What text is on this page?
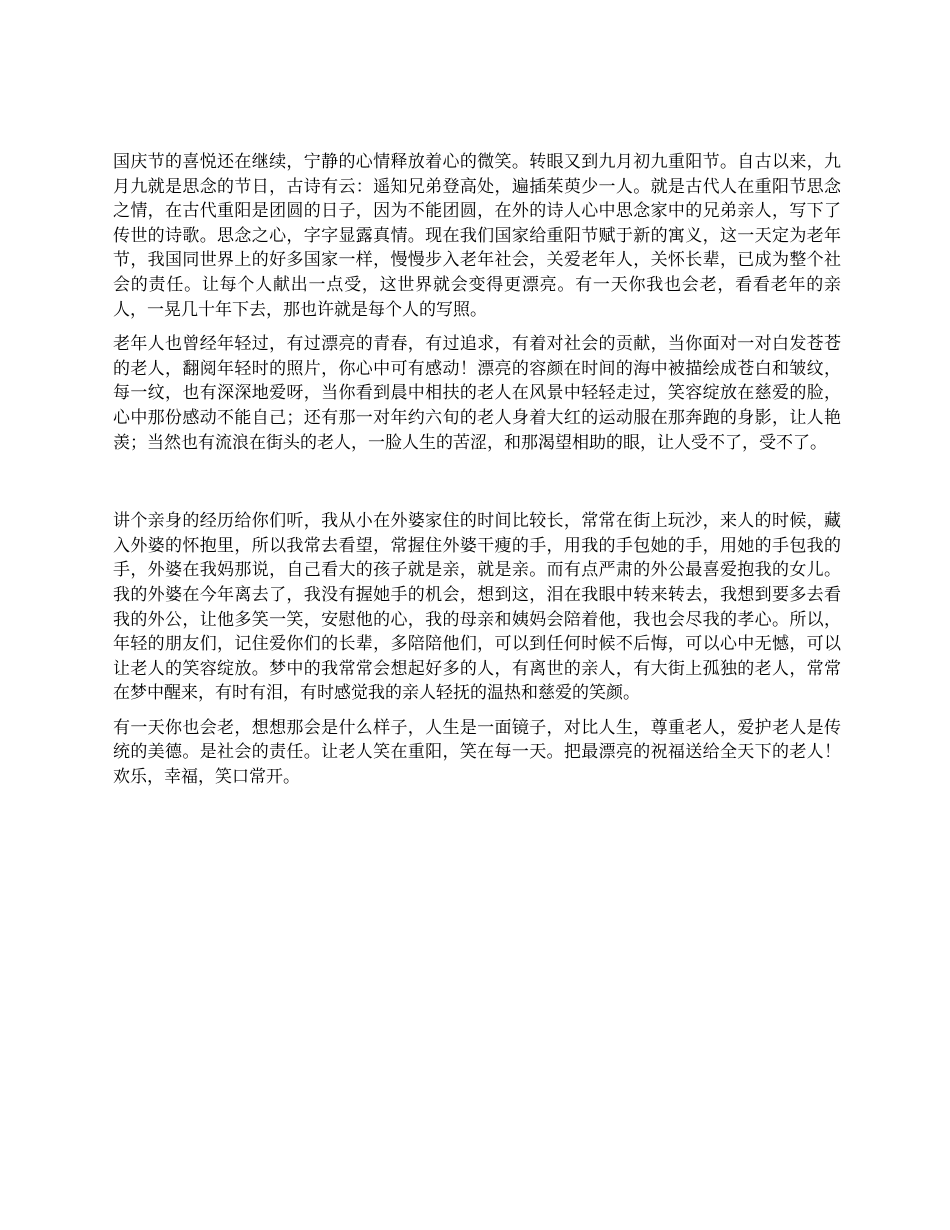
国庆节的喜悦还在继续，宁静的心情释放着心的微笑。转眼又到九月初九重阳节。自古以来，九月九就是思念的节日，古诗有云：遥知兄弟登高处，遍插茱萸少一人。就是古代人在重阳节思念之情，在古代重阳是团圆的日子，因为不能团圆，在外的诗人心中思念家中的兄弟亲人，写下了传世的诗歌。思念之心，字字显露真情。现在我们国家给重阳节赋于新的寓义，这一天定为老年节，我国同世界上的好多国家一样，慢慢步入老年社会，关爱老年人，关怀长辈，已成为整个社会的责任。让每个人献出一点受，这世界就会变得更漂亮。有一天你我也会老，看看老年的亲人，一晃几十年下去，那也许就是每个人的写照。

老年人也曾经年轻过，有过漂亮的青春，有过追求，有着对社会的贡献，当你面对一对白发苍苍的老人，翻阅年轻时的照片，你心中可有感动！漂亮的容颜在时间的海中被描绘成苍白和皱纹，每一纹，也有深深地爱呀，当你看到晨中相扶的老人在风景中轻轻走过，笑容绽放在慈爱的脸，心中那份感动不能自己；还有那一对年约六旬的老人身着大红的运动服在那奔跑的身影，让人艳羡；当然也有流浪在街头的老人，一脸人生的苦涩，和那渴望相助的眼，让人受不了，受不了。

讲个亲身的经历给你们听，我从小在外婆家住的时间比较长，常常在街上玩沙，来人的时候，藏入外婆的怀抱里，所以我常去看望，常握住外婆干瘦的手，用我的手包她的手，用她的手包我的手，外婆在我妈那说，自己看大的孩子就是亲，就是亲。而有点严肃的外公最喜爱抱我的女儿。我的外婆在今年离去了，我没有握她手的机会，想到这，泪在我眼中转来转去，我想到要多去看我的外公，让他多笑一笑，安慰他的心，我的母亲和姨妈会陪着他，我也会尽我的孝心。所以，年轻的朋友们，记住爱你们的长辈，多陪陪他们，可以到任何时候不后悔，可以心中无憾，可以让老人的笑容绽放。梦中的我常常会想起好多的人，有离世的亲人，有大街上孤独的老人，常常在梦中醒来，有时有泪，有时感觉我的亲人轻抚的温热和慈爱的笑颜。

有一天你也会老，想想那会是什么样子，人生是一面镜子，对比人生，尊重老人，爱护老人是传统的美德。是社会的责任。让老人笑在重阳，笑在每一天。把最漂亮的祝福送给全天下的老人！欢乐，幸福，笑口常开。
